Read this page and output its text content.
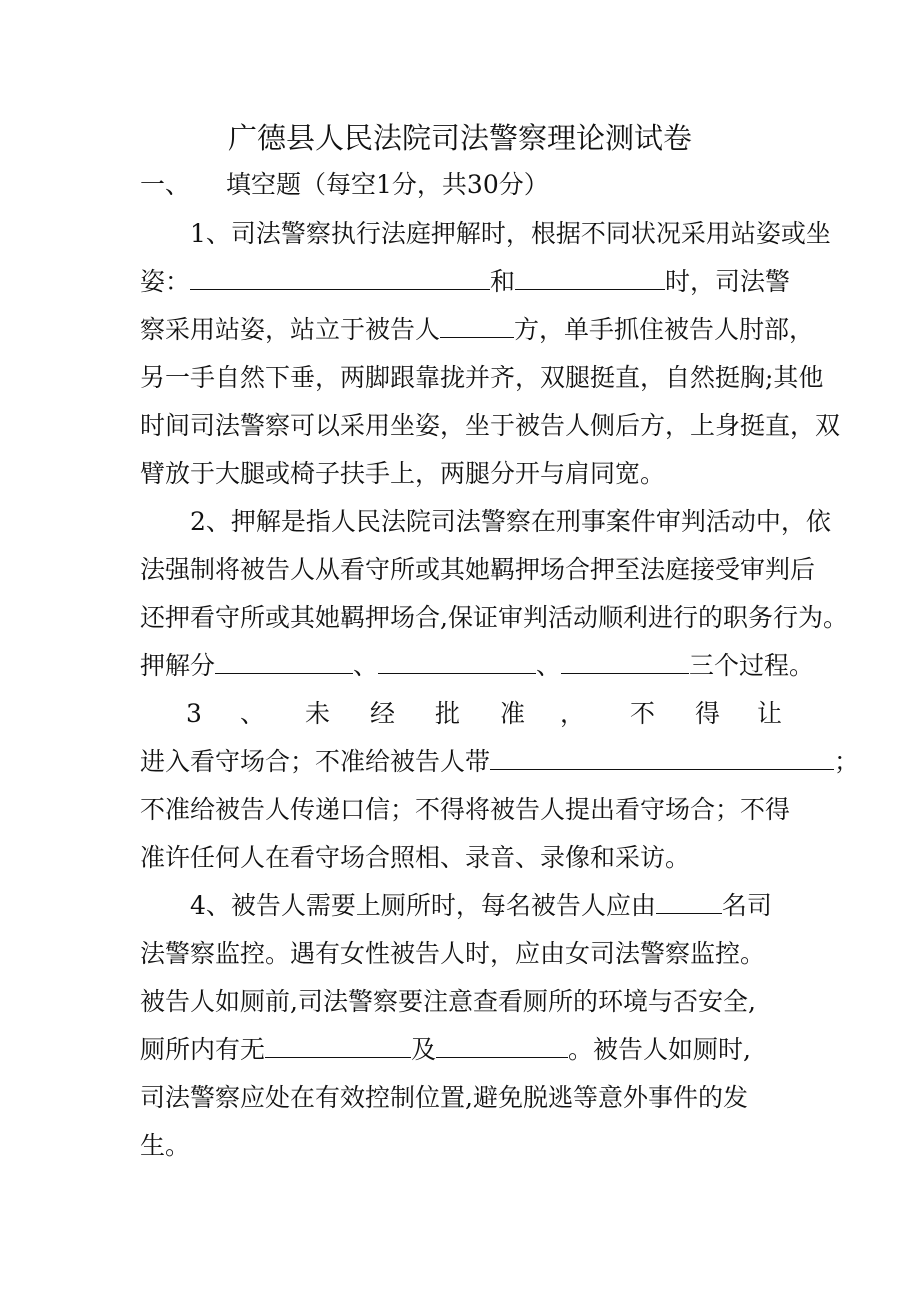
广德县人民法院司法警察理论测试卷
一、 填空题（每空1分，共30分）
1、司法警察执行法庭押解时，根据不同状况采用站姿或坐
姿：	和	时，司法警
察采用站姿，站立于被告人	方，单手抓住被告人肘部，
另一手自然下垂，两脚跟靠拢并齐，双腿挺直，自然挺胸;其他
时间司法警察可以采用坐姿，坐于被告人侧后方，上身挺直，双
臂放于大腿或椅子扶手上，两腿分开与肩同宽。
2、押解是指人民法院司法警察在刑事案件审判活动中，依
法强制将被告人从看守所或其她羁押场合押至法庭接受审判后
还押看守所或其她羁押场合,保证审判活动顺利进行的职务行为。
押解分	、	、	三个过程。
3 、 未 经 批 准 ， 不 得 让
进入看守场合；不准给被告人带	；
不准给被告人传递口信；不得将被告人提出看守场合；不得
准许任何人在看守场合照相、录音、录像和采访。
4、被告人需要上厕所时，每名被告人应由	名司
法警察监控。遇有女性被告人时，应由女司法警察监控。
被告人如厕前,司法警察要注意查看厕所的环境与否安全,
厕所内有无	及	。被告人如厕时,
司法警察应处在有效控制位置,避免脱逃等意外事件的发
生。
